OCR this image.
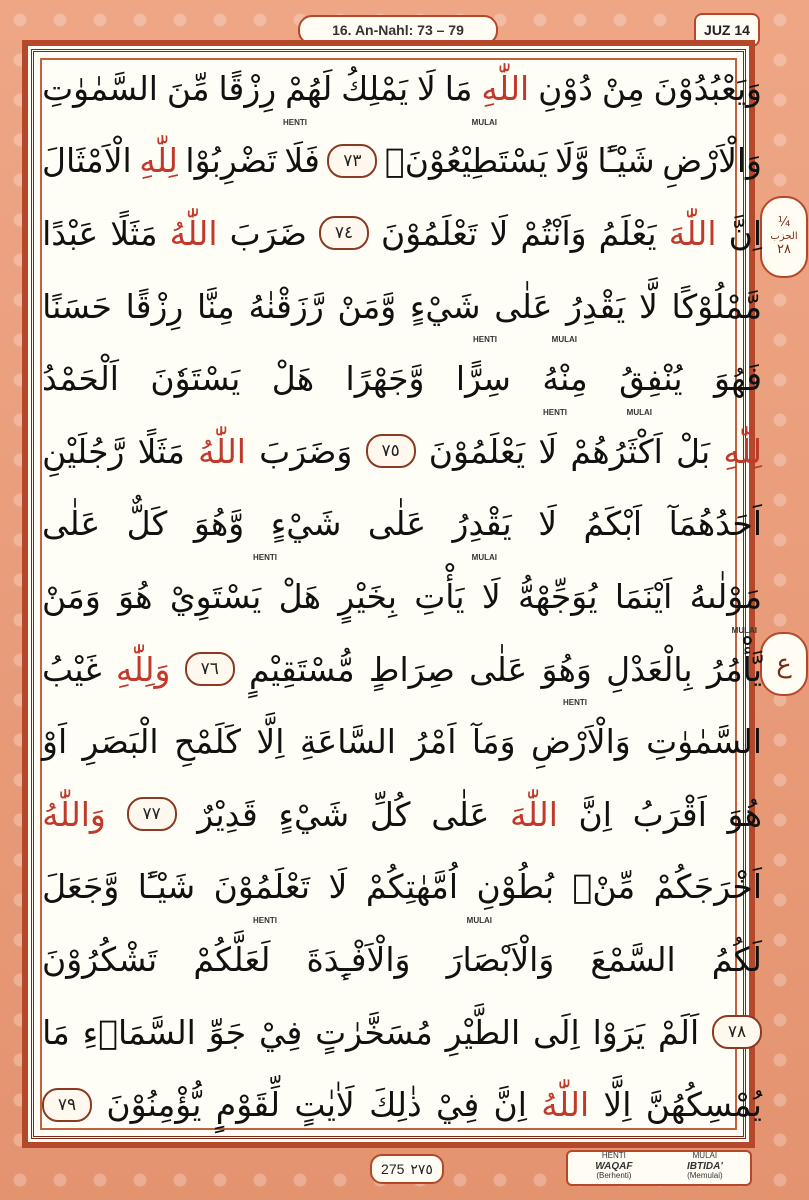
16. An-Nahl: 73 – 79	JUZ 14
¼
الحزب
٢٨
ع
وَيَعْبُدُوْنَ
مِنْ
دُوْنِ
اللّٰهِ
مَا
لَا
يَمْلِكُ
لَهُمْ
رِزْقًا
مِّنَ
السَّمٰوٰتِ
HENTI	MULAI
وَالْاَرْضِ
شَيْـًٔا
وَّلَا
يَسْتَطِيْعُوْنَۚ
٧٣
فَلَا
تَضْرِبُوْا
لِلّٰهِ
الْاَمْثَالَ
اِنَّ
اللّٰهَ
يَعْلَمُ
وَاَنْتُمْ
لَا
تَعْلَمُوْنَ
٧٤
ضَرَبَ
اللّٰهُ
مَثَلًا
عَبْدًا
مَّمْلُوْكًا
لَّا
يَقْدِرُ
عَلٰى
شَيْءٍ
وَّمَنْ
رَّزَقْنٰهُ
مِنَّا
رِزْقًا
حَسَنًا
HENTI	MULAI
فَهُوَ
يُنْفِقُ
مِنْهُ
سِرًّا
وَّجَهْرًا
هَلْ
يَسْتَوٗنَ
اَلْحَمْدُ
HENTI	MULAI
لِلّٰهِ
بَلْ
اَكْثَرُهُمْ
لَا
يَعْلَمُوْنَ
٧٥
وَضَرَبَ
اللّٰهُ
مَثَلًا
رَّجُلَيْنِ
اَحَدُهُمَآ
اَبْكَمُ
لَا
يَقْدِرُ
عَلٰى
شَيْءٍ
وَّهُوَ
كَلٌّ
عَلٰى
HENTI	MULAI
مَوْلٰىهُ
اَيْنَمَا
يُوَجِّهْهُّ
لَا
يَأْتِ
بِخَيْرٍ
هَلْ
يَسْتَوِيْ
هُوَ
وَمَنْ
MULAI
يَّأْمُرُ
بِالْعَدْلِ
وَهُوَ
عَلٰى
صِرَاطٍ
مُّسْتَقِيْمٍ
٧٦
وَلِلّٰهِ
غَيْبُ
HENTI
السَّمٰوٰتِ
وَالْاَرْضِ
وَمَآ
اَمْرُ
السَّاعَةِ
اِلَّا
كَلَمْحِ
الْبَصَرِ
اَوْ
هُوَ
اَقْرَبُ
اِنَّ
اللّٰهَ
عَلٰى
كُلِّ
شَيْءٍ
قَدِيْرٌ
٧٧
وَاللّٰهُ
اَخْرَجَكُمْ
مِّنْۢ
بُطُوْنِ
اُمَّهٰتِكُمْ
لَا
تَعْلَمُوْنَ
شَيْـًٔا
وَّجَعَلَ
HENTI	MULAI
لَكُمُ
السَّمْعَ
وَالْاَبْصَارَ
وَالْاَفْـِٕدَةَ
لَعَلَّكُمْ
تَشْكُرُوْنَ
٧٨
اَلَمْ
يَرَوْا
اِلَى
الطَّيْرِ
مُسَخَّرٰتٍ
فِيْ
جَوِّ
السَّمَاۤءِ
مَا
يُمْسِكُهُنَّ
اِلَّا
اللّٰهُ
اِنَّ
فِيْ
ذٰلِكَ
لَاٰيٰتٍ
لِّقَوْمٍ
يُّؤْمِنُوْنَ
٧٩
275 ٢٧٥
HENTI
WAQAF
(Berhenti)
MULAI
IBTIDA'
(Memulai)
